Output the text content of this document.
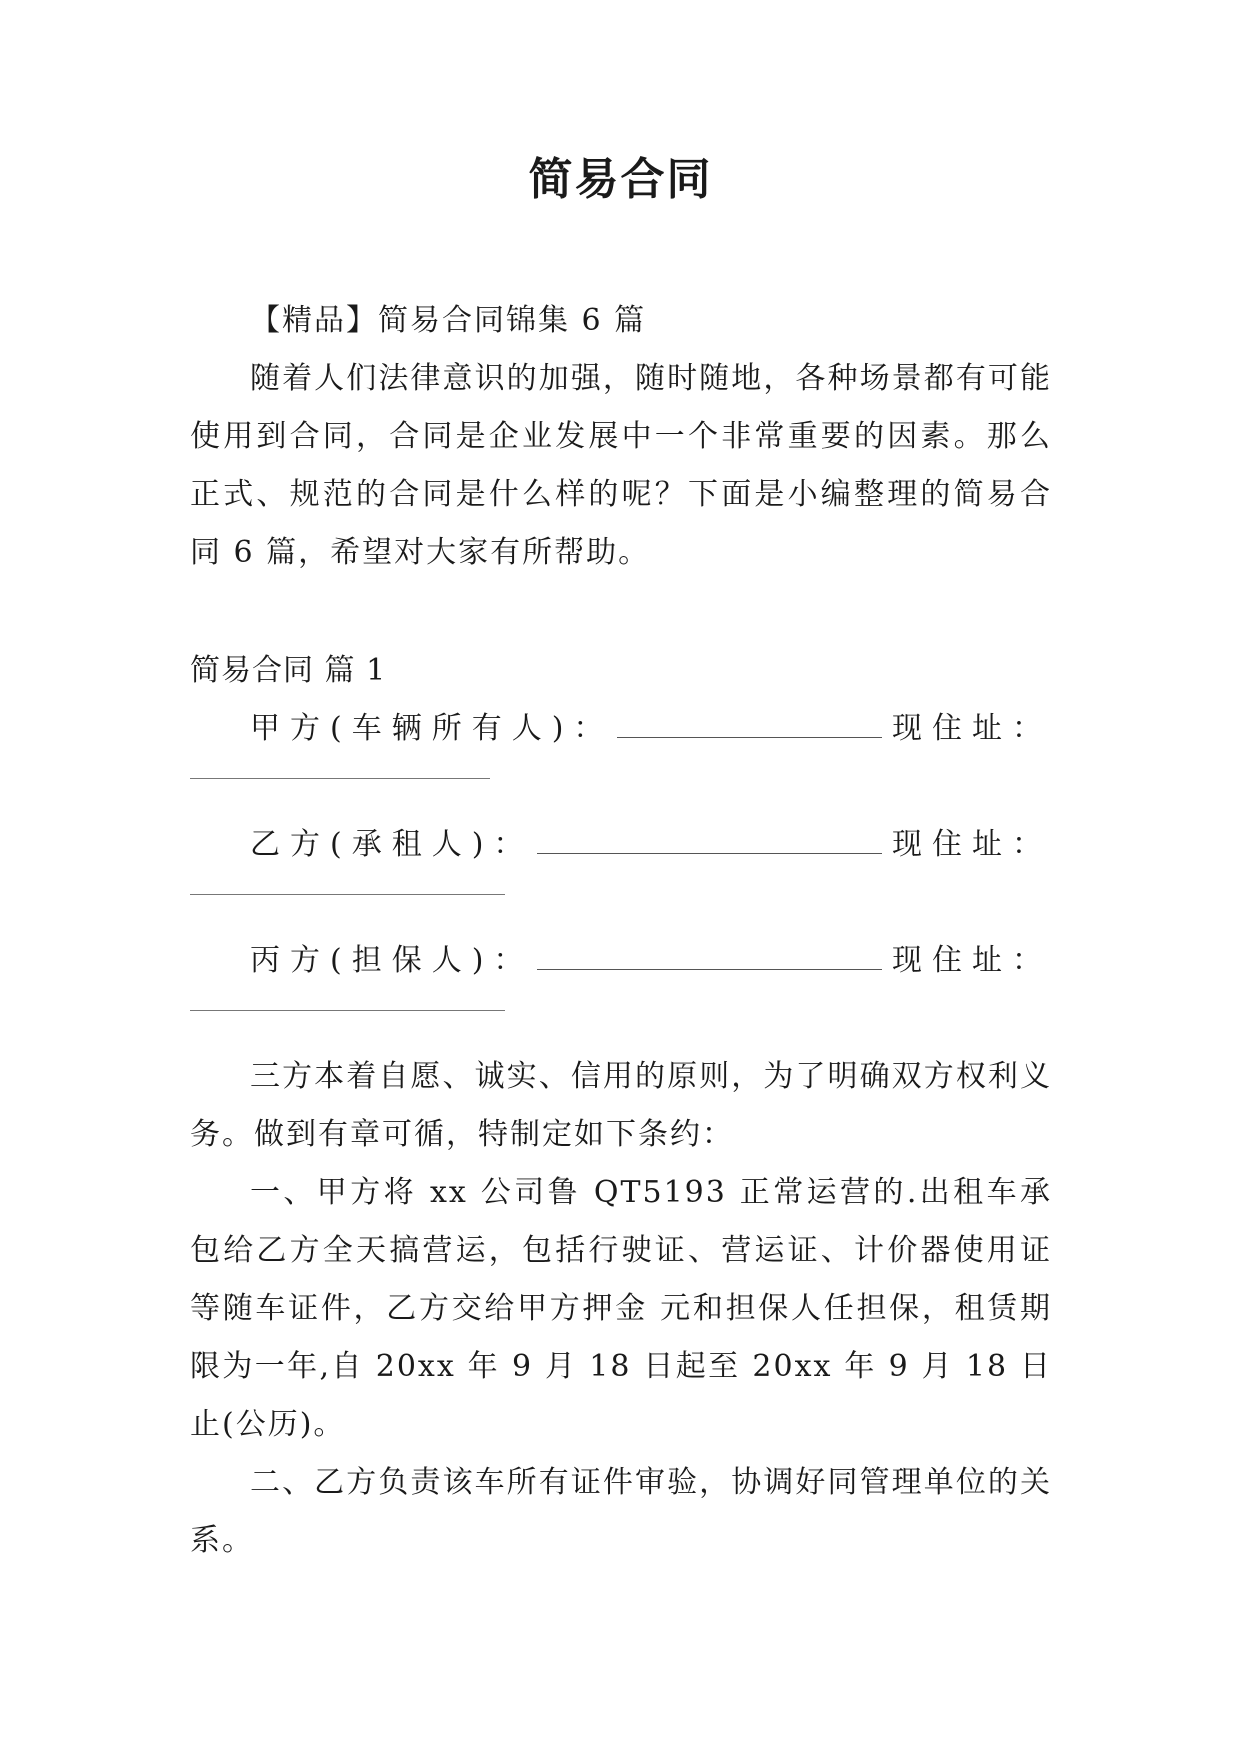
简易合同

【精品】简易合同锦集 6 篇

随着人们法律意识的加强，随时随地，各种场景都有可能使用到合同，合同是企业发展中一个非常重要的因素。那么正式、规范的合同是什么样的呢？下面是小编整理的简易合同 6 篇，希望对大家有所帮助。

简易合同 篇 1

甲方(车辆所有人)：	现住址：
乙方(承租人)：	现住址：
丙方(担保人)：	现住址：

三方本着自愿、诚实、信用的原则，为了明确双方权利义务。做到有章可循，特制定如下条约：

一、甲方将 xx 公司鲁 QT5193 正常运营的.出租车承包给乙方全天搞营运，包括行驶证、营运证、计价器使用证等随车证件，乙方交给甲方押金 元和担保人任担保，租赁期限为一年,自 20xx 年 9 月 18 日起至 20xx 年 9 月 18 日止(公历)。

二、乙方负责该车所有证件审验，协调好同管理单位的关系。
